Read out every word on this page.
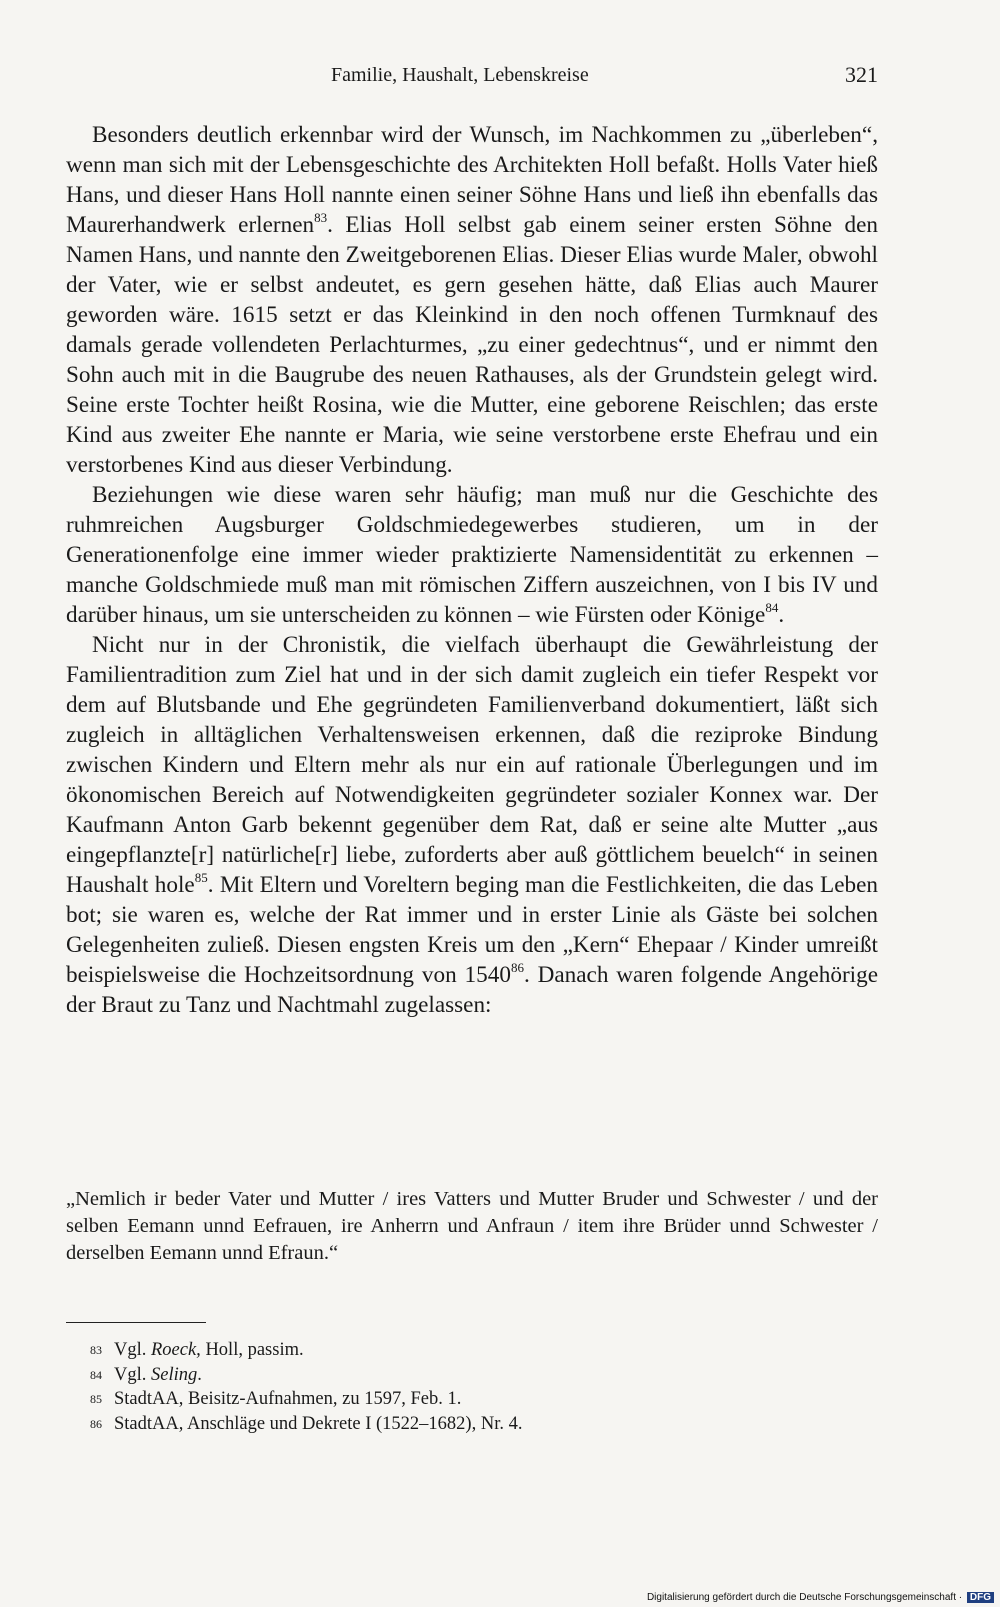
Familie, Haushalt, Lebenskreise	321

Besonders deutlich erkennbar wird der Wunsch, im Nachkommen zu „überleben“, wenn man sich mit der Lebensgeschichte des Architekten Holl befaßt. Holls Vater hieß Hans, und dieser Hans Holl nannte einen seiner Söhne Hans und ließ ihn ebenfalls das Maurerhandwerk erlernen$^{83}$. Elias Holl selbst gab einem seiner ersten Söhne den Namen Hans, und nannte den Zweitgeborenen Elias. Dieser Elias wurde Maler, obwohl der Vater, wie er selbst andeutet, es gern gesehen hätte, daß Elias auch Maurer geworden wäre. 1615 setzt er das Kleinkind in den noch offenen Turmknauf des damals gerade vollendeten Perlachturmes, „zu einer gedechtnus“, und er nimmt den Sohn auch mit in die Baugrube des neuen Rathauses, als der Grundstein gelegt wird. Seine erste Tochter heißt Rosina, wie die Mutter, eine geborene Reischlen; das erste Kind aus zweiter Ehe nannte er Maria, wie seine verstorbene erste Ehefrau und ein verstorbenes Kind aus dieser Verbindung.

Beziehungen wie diese waren sehr häufig; man muß nur die Geschichte des ruhmreichen Augsburger Goldschmiedegewerbes studieren, um in der Generationenfolge eine immer wieder praktizierte Namensidentität zu erkennen – manche Goldschmiede muß man mit römischen Ziffern auszeichnen, von I bis IV und darüber hinaus, um sie unterscheiden zu können – wie Fürsten oder Könige$^{84}$.

Nicht nur in der Chronistik, die vielfach überhaupt die Gewährleistung der Familientradition zum Ziel hat und in der sich damit zugleich ein tiefer Respekt vor dem auf Blutsbande und Ehe gegründeten Familienverband dokumentiert, läßt sich zugleich in alltäglichen Verhaltensweisen erkennen, daß die reziproke Bindung zwischen Kindern und Eltern mehr als nur ein auf rationale Überlegungen und im ökonomischen Bereich auf Notwendigkeiten gegründeter sozialer Konnex war. Der Kaufmann Anton Garb bekennt gegenüber dem Rat, daß er seine alte Mutter „aus eingepflanzte[r] natürliche[r] liebe, zuforderts aber auß göttlichem beuelch“ in seinen Haushalt hole$^{85}$. Mit Eltern und Voreltern beging man die Festlichkeiten, die das Leben bot; sie waren es, welche der Rat immer und in erster Linie als Gäste bei solchen Gelegenheiten zuließ. Diesen engsten Kreis um den „Kern“ Ehepaar / Kinder umreißt beispielsweise die Hochzeitsordnung von 1540$^{86}$. Danach waren folgende Angehörige der Braut zu Tanz und Nachtmahl zugelassen:

„Nemlich ir beder Vater und Mutter / ires Vatters und Mutter Bruder und Schwester / und der selben Eemann unnd Eefrauen, ire Anherrn und Anfraun / item ihre Brüder unnd Schwester / derselben Eemann unnd Efraun.“

83 Vgl. Roeck, Holl, passim.
84 Vgl. Seling.
85 StadtAA, Beisitz-Aufnahmen, zu 1597, Feb. 1.
86 StadtAA, Anschläge und Dekrete I (1522–1682), Nr. 4.
Digitalisierung gefördert durch die Deutsche Forschungsgemeinschaft · DFG
